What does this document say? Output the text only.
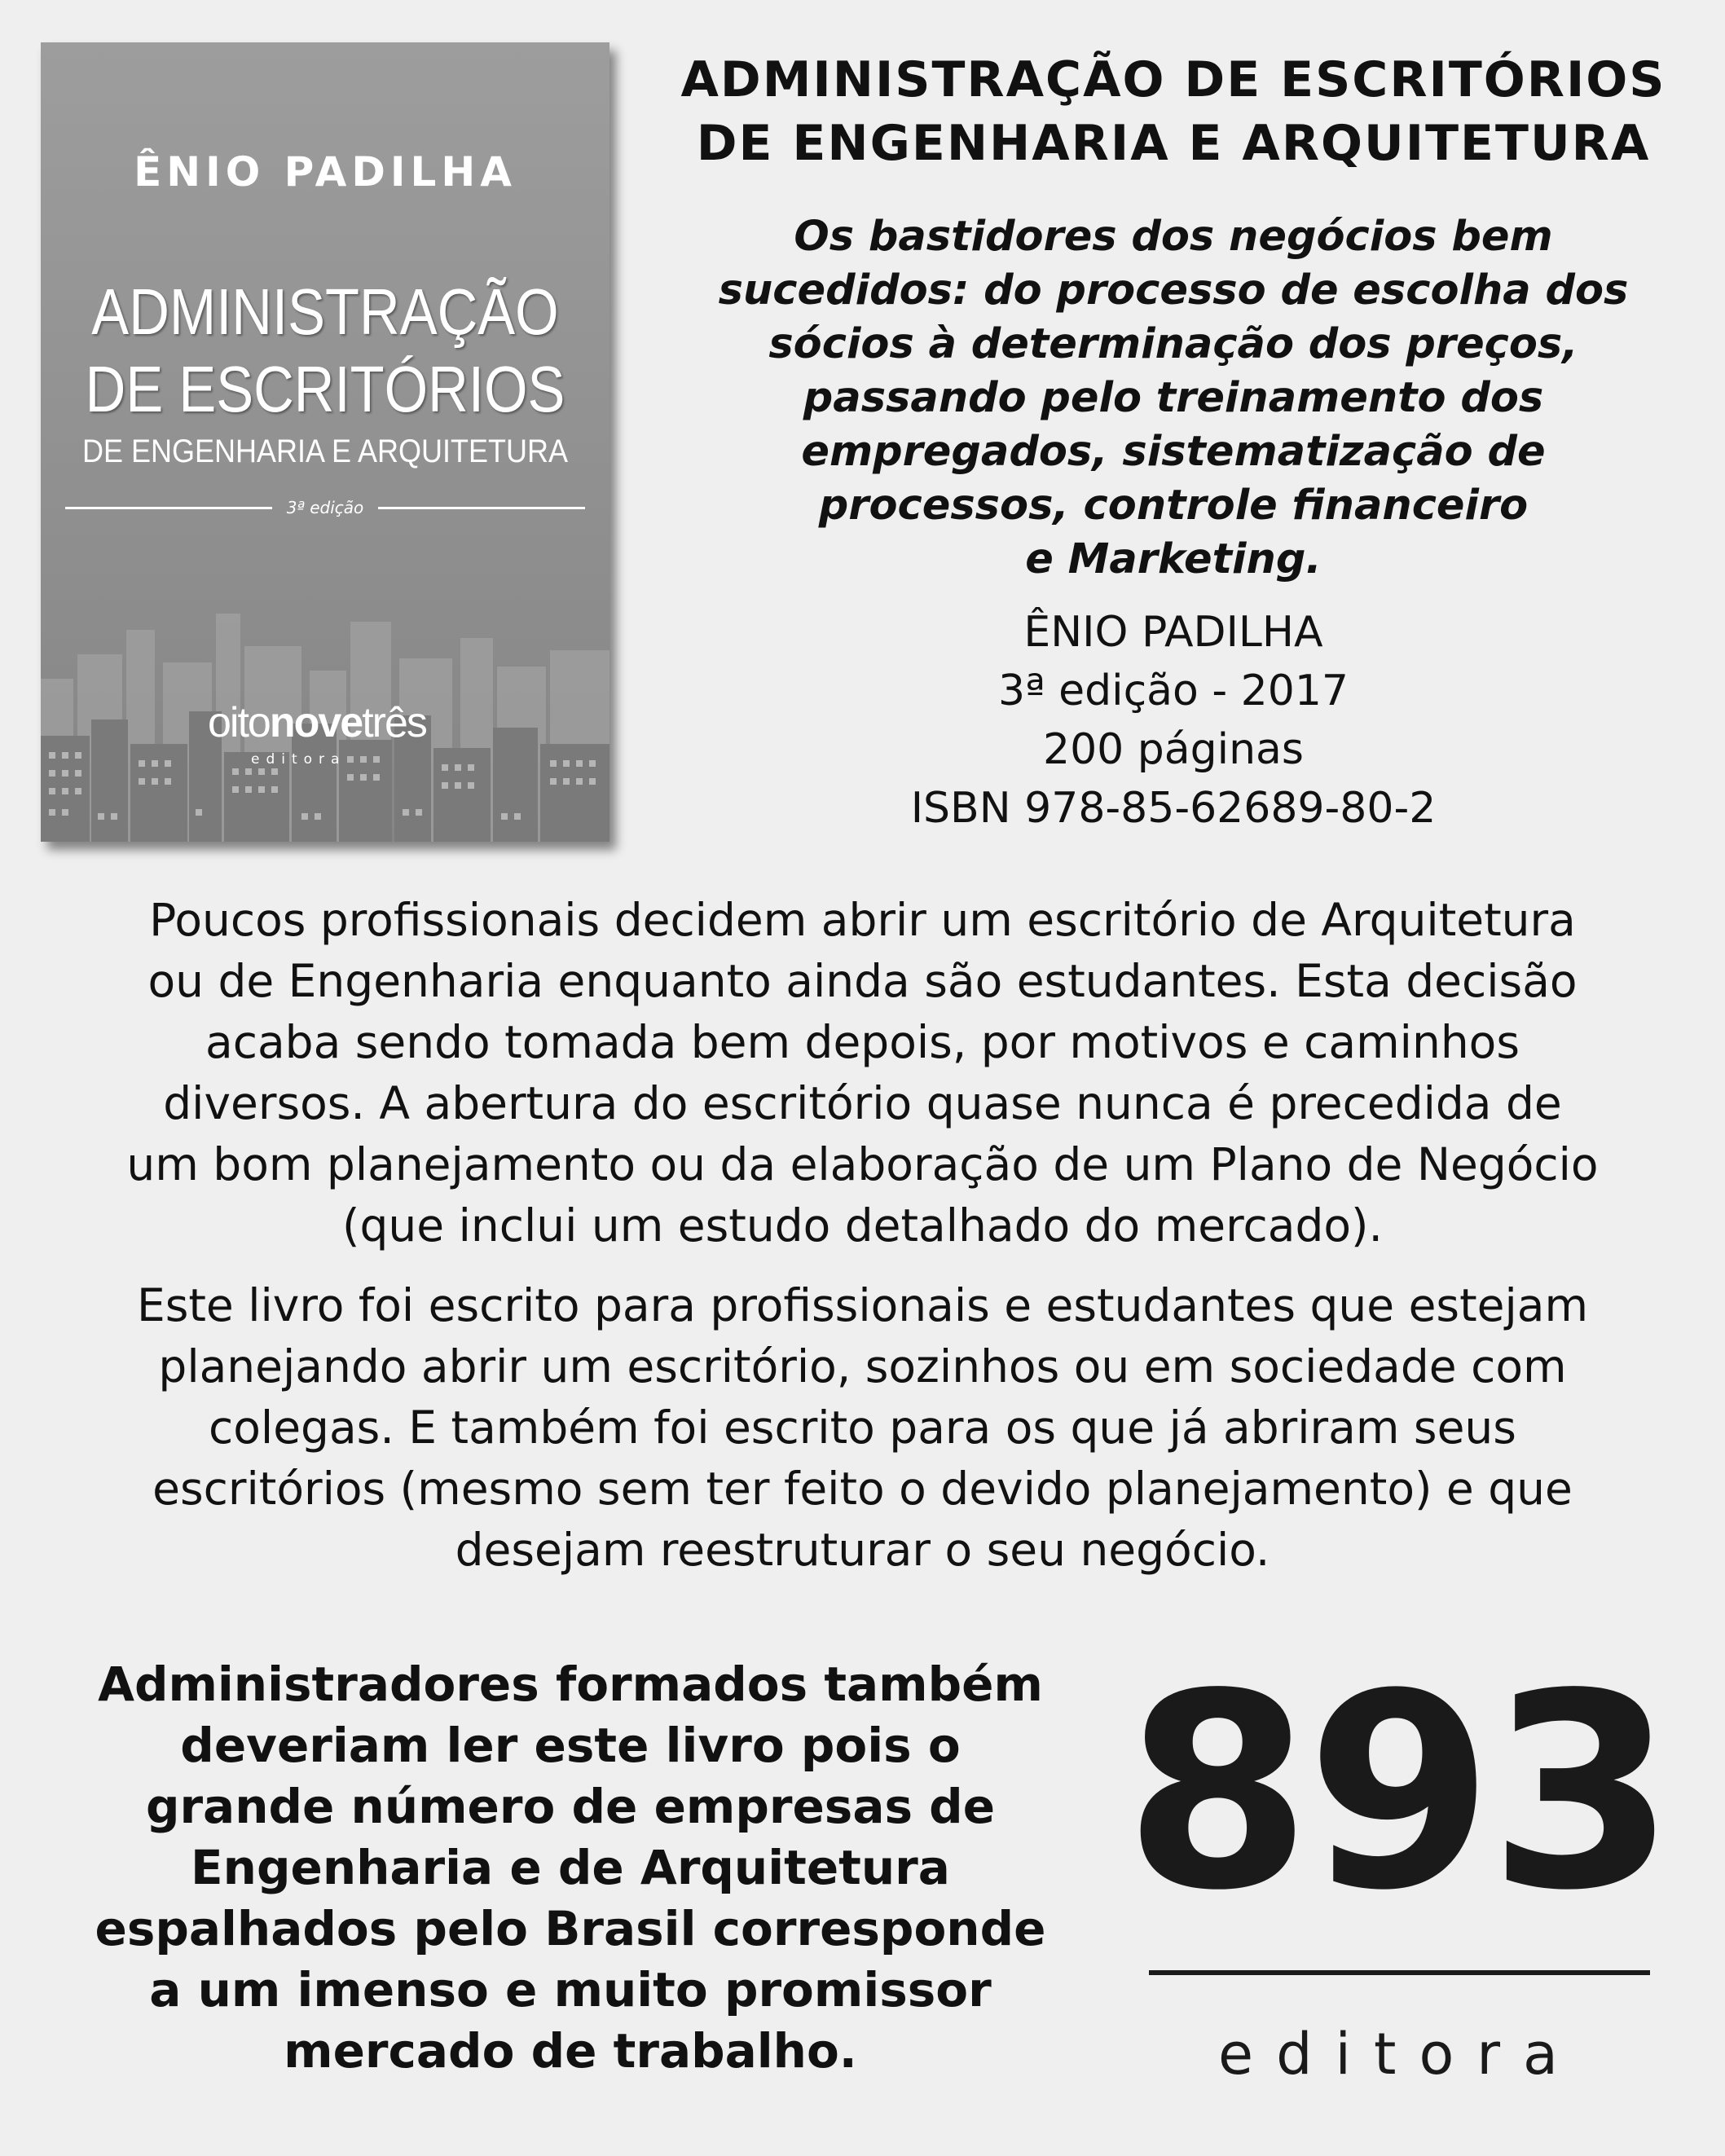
ÊNIO PADILHA
ADMINISTRAÇÃO
DE ESCRITÓRIOS
DE ENGENHARIA E ARQUITETURA
3ª edição
oitonovetrês
editora
ADMINISTRAÇÃO DE ESCRITÓRIOS
DE ENGENHARIA E ARQUITETURA

Os bastidores dos negócios bem
sucedidos: do processo de escolha dos
sócios à determinação dos preços,
passando pelo treinamento dos
empregados, sistematização de
processos, controle financeiro
e Marketing.

ÊNIO PADILHA
3ª edição - 2017
200 páginas
ISBN 978-85-62689-80-2

Poucos profissionais decidem abrir um escritório de Arquitetura
ou de Engenharia enquanto ainda são estudantes. Esta decisão
acaba sendo tomada bem depois, por motivos e caminhos
diversos. A abertura do escritório quase nunca é precedida de
um bom planejamento ou da elaboração de um Plano de Negócio
(que inclui um estudo detalhado do mercado).

Este livro foi escrito para profissionais e estudantes que estejam
planejando abrir um escritório, sozinhos ou em sociedade com
colegas. E também foi escrito para os que já abriram seus
escritórios (mesmo sem ter feito o devido planejamento) e que
desejam reestruturar o seu negócio.

Administradores formados também
deveriam ler este livro pois o
grande número de empresas de
Engenharia e de Arquitetura
espalhados pelo Brasil corresponde
a um imenso e muito promissor
mercado de trabalho.
893
editora
